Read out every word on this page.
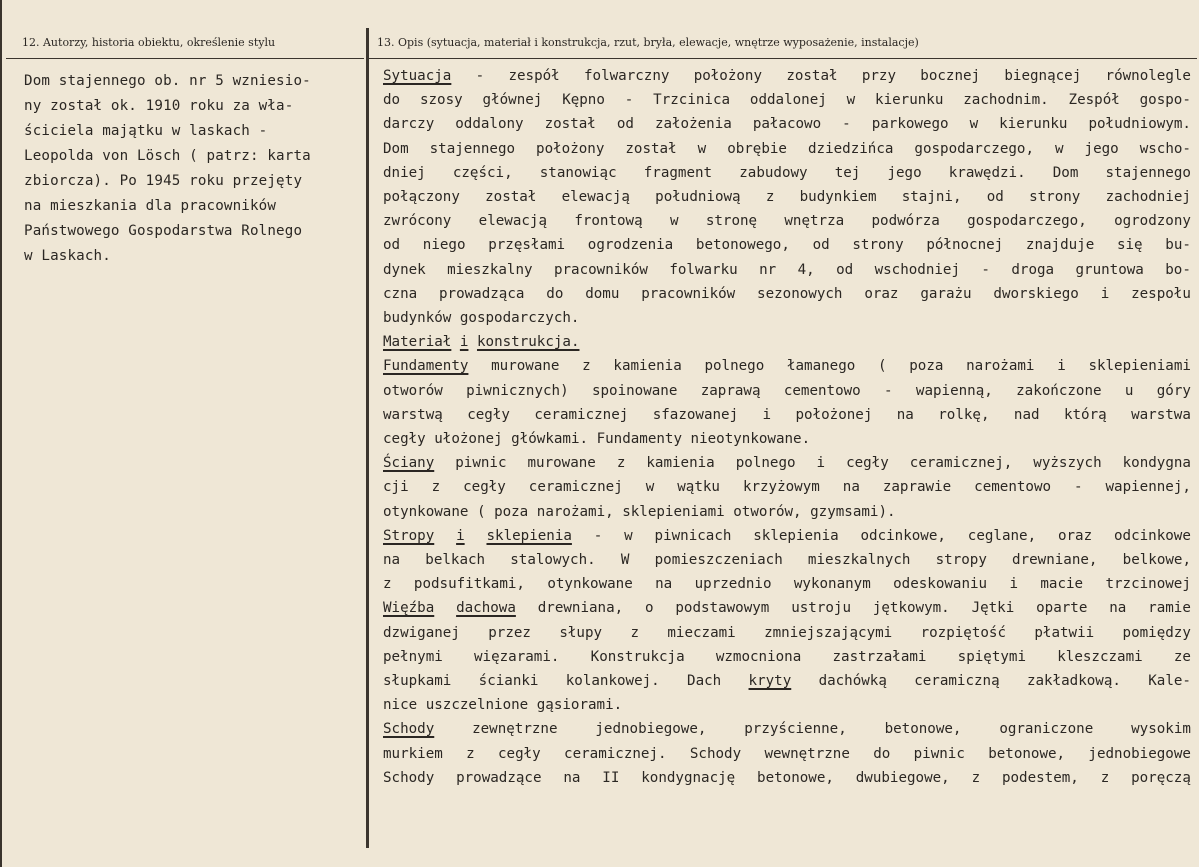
12. Autorzy, historia obiektu, określenie stylu	13. Opis (sytuacja, materiał i konstrukcja, rzut, bryła, elewacje, wnętrze wyposażenie, instalacje)
Dom stajennego ob. nr 5 wzniesio-
ny został ok. 1910 roku za wła-
ściciela majątku w laskach -
Leopolda von Lösch ( patrz: karta
zbiorcza). Po 1945 roku przejęty
na mieszkania dla pracowników
Państwowego Gospodarstwa Rolnego
w Laskach.
Sytuacja - zespół folwarczny położony został przy bocznej biegnącej równolegle
do szosy głównej Kępno - Trzcinica oddalonej w kierunku zachodnim. Zespół gospo-
darczy oddalony został od założenia pałacowo - parkowego w kierunku południowym.
Dom stajennego położony został w obrębie dziedzińca gospodarczego, w jego wscho-
dniej części, stanowiąc fragment zabudowy tej jego krawędzi. Dom stajennego
połączony został elewacją południową z budynkiem stajni, od strony zachodniej
zwrócony elewacją frontową w stronę wnętrza podwórza gospodarczego, ogrodzony
od niego przęsłami ogrodzenia betonowego, od strony północnej znajduje się bu-
dynek mieszkalny pracowników folwarku nr 4, od wschodniej - droga gruntowa bo-
czna prowadząca do domu pracowników sezonowych oraz garażu dworskiego i zespołu
budynków gospodarczych.
Materiał i konstrukcja.
Fundamenty murowane z kamienia polnego łamanego ( poza narożami i sklepieniami
otworów piwnicznych) spoinowane zaprawą cementowo - wapienną, zakończone u góry
warstwą cegły ceramicznej sfazowanej i położonej na rolkę, nad którą warstwa
cegły ułożonej główkami. Fundamenty nieotynkowane.
Ściany piwnic murowane z kamienia polnego i cegły ceramicznej, wyższych kondygna
cji z cegły ceramicznej w wątku krzyżowym na zaprawie cementowo - wapiennej,
otynkowane ( poza narożami, sklepieniami otworów, gzymsami).
Stropy i sklepienia - w piwnicach sklepienia odcinkowe, ceglane, oraz odcinkowe
na belkach stalowych. W pomieszczeniach mieszkalnych stropy drewniane, belkowe,
z podsufitkami, otynkowane na uprzednio wykonanym odeskowaniu i macie trzcinowej
Więźba dachowa drewniana, o podstawowym ustroju jętkowym. Jętki oparte na ramie
dzwiganej przez słupy z mieczami zmniejszającymi rozpiętość płatwii pomiędzy
pełnymi więzarami. Konstrukcja wzmocniona zastrzałami spiętymi kleszczami ze
słupkami ścianki kolankowej. Dach kryty dachówką ceramiczną zakładkową. Kale-
nice uszczelnione gąsiorami.
Schody	zewnętrzne	jednobiegowe,	przyścienne,	betonowe,	ograniczone	wysokim
murkiem z cegły ceramicznej. Schody wewnętrzne do piwnic betonowe, jednobiegowe
Schody prowadzące na II kondygnację betonowe, dwubiegowe, z podestem, z poręczą
